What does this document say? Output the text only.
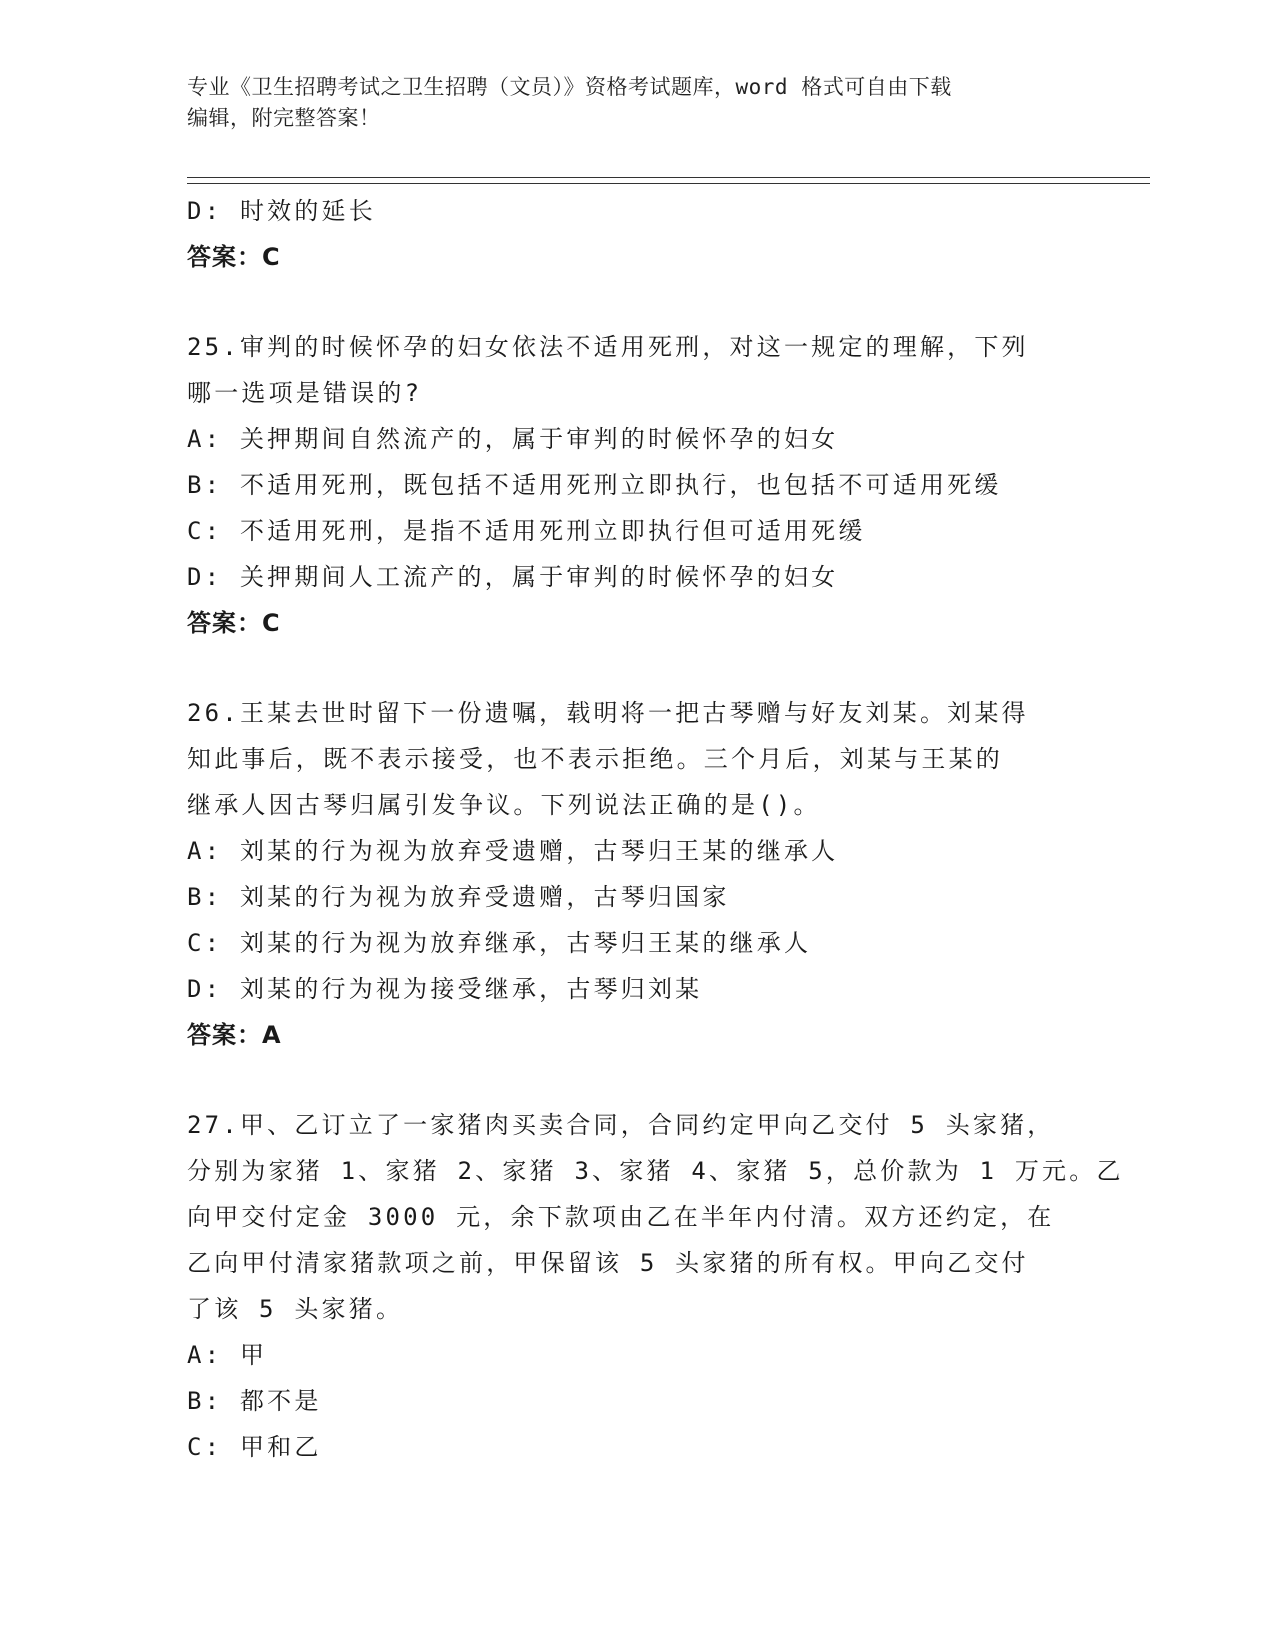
专业《卫生招聘考试之卫生招聘（文员）》资格考试题库，word 格式可自由下载
编辑，附完整答案！
D: 时效的延长
答案：C
25.审判的时候怀孕的妇女依法不适用死刑，对这一规定的理解，下列
哪一选项是错误的?
A: 关押期间自然流产的，属于审判的时候怀孕的妇女
B: 不适用死刑，既包括不适用死刑立即执行，也包括不可适用死缓
C: 不适用死刑，是指不适用死刑立即执行但可适用死缓
D: 关押期间人工流产的，属于审判的时候怀孕的妇女
答案：C
26.王某去世时留下一份遗嘱，载明将一把古琴赠与好友刘某。刘某得
知此事后，既不表示接受，也不表示拒绝。三个月后，刘某与王某的
继承人因古琴归属引发争议。下列说法正确的是()。
A: 刘某的行为视为放弃受遗赠，古琴归王某的继承人
B: 刘某的行为视为放弃受遗赠，古琴归国家
C: 刘某的行为视为放弃继承，古琴归王某的继承人
D: 刘某的行为视为接受继承，古琴归刘某
答案：A
27.甲、乙订立了一家猪肉买卖合同，合同约定甲向乙交付 5 头家猪，
分别为家猪 1、家猪 2、家猪 3、家猪 4、家猪 5，总价款为 1 万元。乙
向甲交付定金 3000 元，余下款项由乙在半年内付清。双方还约定，在
乙向甲付清家猪款项之前，甲保留该 5 头家猪的所有权。甲向乙交付
了该 5 头家猪。
A: 甲
B: 都不是
C: 甲和乙
